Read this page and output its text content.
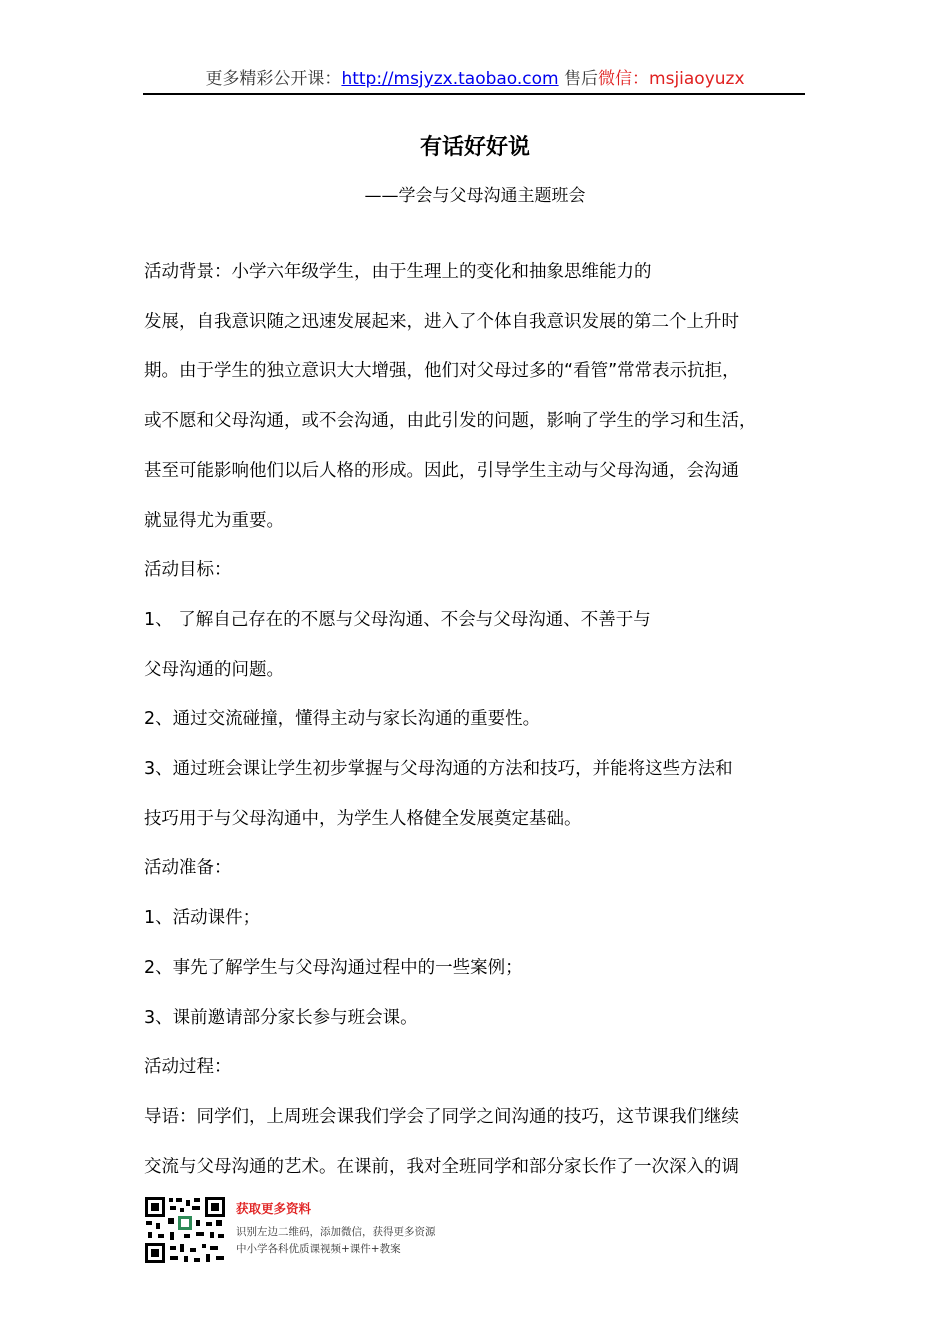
更多精彩公开课：http://msjyzx.taobao.com 售后微信：msjiaoyuzx
有话好好说
——学会与父母沟通主题班会
活动背景：小学六年级学生，由于生理上的变化和抽象思维能力的
发展，自我意识随之迅速发展起来，进入了个体自我意识发展的第二个上升时
期。由于学生的独立意识大大增强，他们对父母过多的“看管”常常表示抗拒，
或不愿和父母沟通，或不会沟通，由此引发的问题，影响了学生的学习和生活，
甚至可能影响他们以后人格的形成。因此，引导学生主动与父母沟通，会沟通
就显得尤为重要。
活动目标：
1、 了解自己存在的不愿与父母沟通、不会与父母沟通、不善于与
父母沟通的问题。
2、通过交流碰撞，懂得主动与家长沟通的重要性。
3、通过班会课让学生初步掌握与父母沟通的方法和技巧，并能将这些方法和
技巧用于与父母沟通中，为学生人格健全发展奠定基础。
活动准备：
1、活动课件；
2、事先了解学生与父母沟通过程中的一些案例；
3、课前邀请部分家长参与班会课。
活动过程：
导语：同学们，上周班会课我们学会了同学之间沟通的技巧，这节课我们继续
交流与父母沟通的艺术。在课前，我对全班同学和部分家长作了一次深入的调
获取更多资料
识别左边二维码，添加微信，获得更多资源
中小学各科优质课视频+课件+教案
